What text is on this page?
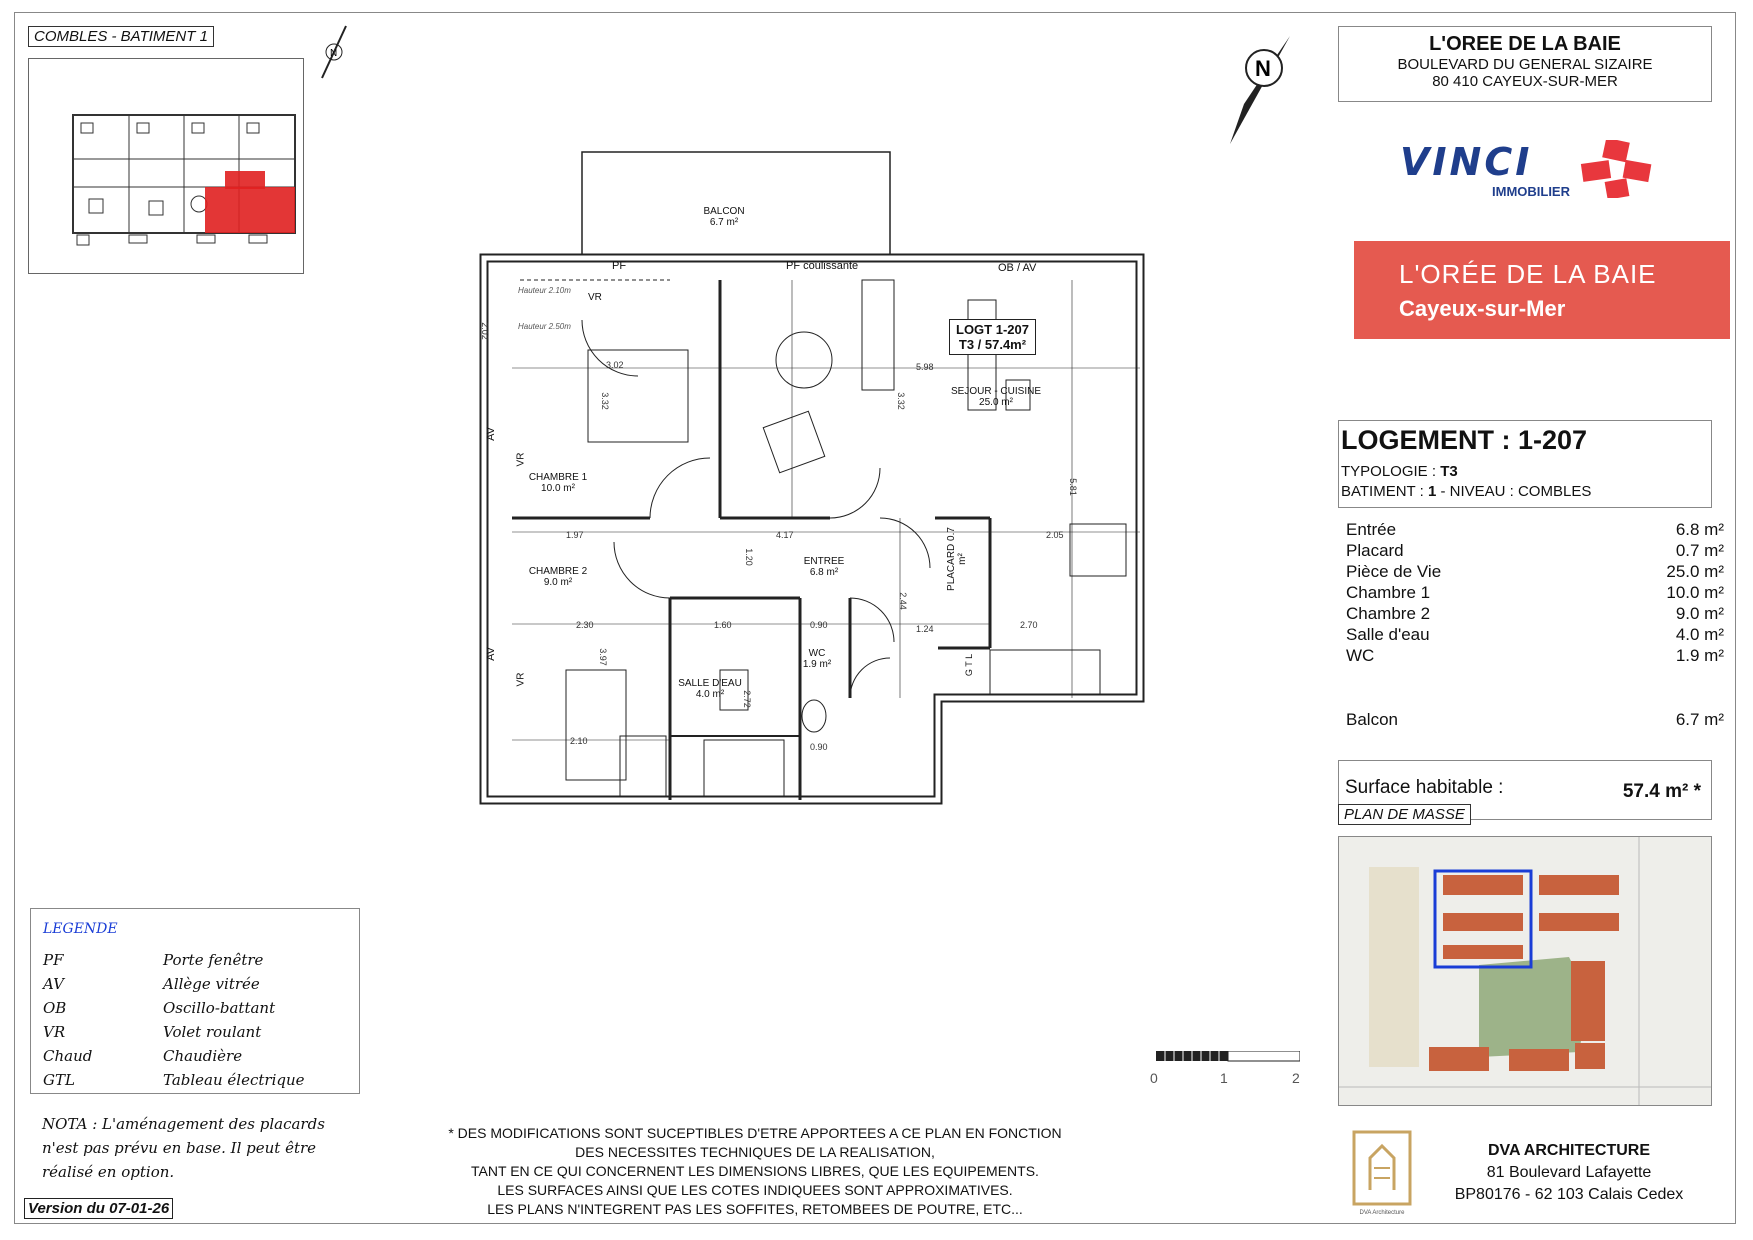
COMBLES - BATIMENT 1
N
N
BALCON
6.7 m²
LOGT 1-207
T3 / 57.4m²
SEJOUR - CUISINE
25.0 m²
CHAMBRE 1
10.0 m²
CHAMBRE 2
9.0 m²
ENTREE
6.8 m²
WC
1.9 m²
SALLE D'EAU
4.0 m²
PLACARD 0.7 m²
PF	PF coulissante	OB / AV
AV
AV
VR
VR
VR
G T L
Hauteur 2.10m
Hauteur 2.50m
3.02	5.98
3.32	3.32
5.81
4.17
1.97	2.05
1.20
2.30
3.97
2.10
2.72
2.44
1.24	2.70
0.90
1.60
0.90
2.02
L'OREE DE LA BAIE
BOULEVARD DU GENERAL SIZAIRE
80 410 CAYEUX-SUR-MER
VINCI
IMMOBILIER
L'ORÉE DE LA BAIE
Cayeux-sur-Mer
LOGEMENT : 1-207
TYPOLOGIE : T3
BATIMENT : 1 - NIVEAU : COMBLES
Entrée	6.8 m²
Placard	0.7 m²
Pièce de Vie	25.0 m²
Chambre 1	10.0 m²
Chambre 2	9.0 m²
Salle d'eau	4.0 m²
WC	1.9 m²
Balcon	6.7 m²
Surface habitable :	57.4 m² *
PLAN DE MASSE
0	1	2
LEGENDE
PF	Porte fenêtre
AV	Allège vitrée
OB	Oscillo-battant
VR	Volet roulant
Chaud	Chaudière
GTL	Tableau électrique
NOTA : L'aménagement des placards n'est pas prévu en base. Il peut être réalisé en option.
Version du 07-01-26
* DES MODIFICATIONS SONT SUCEPTIBLES D'ETRE APPORTEES A CE PLAN EN FONCTION
DES NECESSITES TECHNIQUES DE LA REALISATION,
TANT EN CE QUI CONCERNENT LES DIMENSIONS LIBRES, QUE LES EQUIPEMENTS.
LES SURFACES AINSI QUE LES COTES INDIQUEES SONT APPROXIMATIVES.
LES PLANS N'INTEGRENT PAS LES SOFFITES, RETOMBEES DE POUTRE, ETC...	DVA Architecture
DVA ARCHITECTURE
81 Boulevard Lafayette
BP80176 - 62 103 Calais Cedex
